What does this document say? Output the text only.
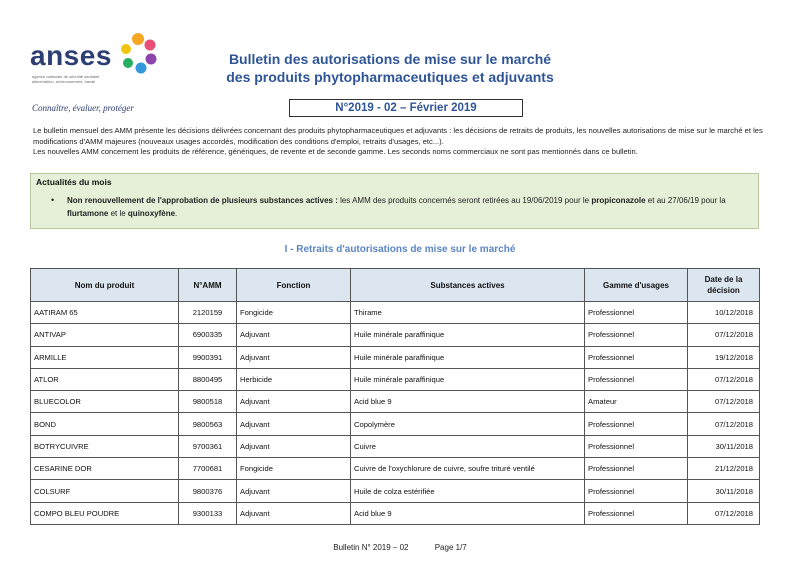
anses
agence nationale de sécurité sanitaire alimentation, environnement, travail
Connaître, évaluer, protéger
Bulletin des autorisations de mise sur le marché
des produits phytopharmaceutiques et adjuvants
N°2019 - 02 – Février 2019

Le bulletin mensuel des AMM présente les décisions délivrées concernant des produits phytopharmaceutiques et adjuvants : les décisions de retraits de produits, les nouvelles autorisations de mise sur le marché et les modifications d'AMM majeures (nouveaux usages accordés, modification des conditions d'emploi, retraits d'usages, etc...).

Les nouvelles AMM concernent les produits de référence, génériques, de revente et de seconde gamme. Les seconds noms commerciaux ne sont pas mentionnés dans ce bulletin.

Actualités du mois
• Non renouvellement de l'approbation de plusieurs substances actives : les AMM des produits concernés seront retirées au 19/06/2019 pour le propiconazole et au 27/06/19 pour la flurtamone et le quinoxyfène.
I - Retraits d'autorisations de mise sur le marché
Nom du produit	N°AMM	Fonction	Substances actives	Gamme d'usages	Date de la décision
AATIRAM 65	2120159	Fongicide	Thirame	Professionnel	10/12/2018
ANTIVAP	6900335	Adjuvant	Huile minérale paraffinique	Professionnel	07/12/2018
ARMILLE	9900391	Adjuvant	Huile minérale paraffinique	Professionnel	19/12/2018
ATLOR	8800495	Herbicide	Huile minérale paraffinique	Professionnel	07/12/2018
BLUECOLOR	9800518	Adjuvant	Acid blue 9	Amateur	07/12/2018
BOND	9800563	Adjuvant	Copolymère	Professionnel	07/12/2018
BOTRYCUIVRE	9700361	Adjuvant	Cuivre	Professionnel	30/11/2018
CESARINE DOR	7700681	Fongicide	Cuivre de l'oxychlorure de cuivre, soufre trituré ventilé	Professionnel	21/12/2018
COLSURF	9800376	Adjuvant	Huile de colza estérifiée	Professionnel	30/11/2018
COMPO BLEU POUDRE	9300133	Adjuvant	Acid blue 9	Professionnel	07/12/2018
Bulletin N° 2019 – 02	Page 1/7
